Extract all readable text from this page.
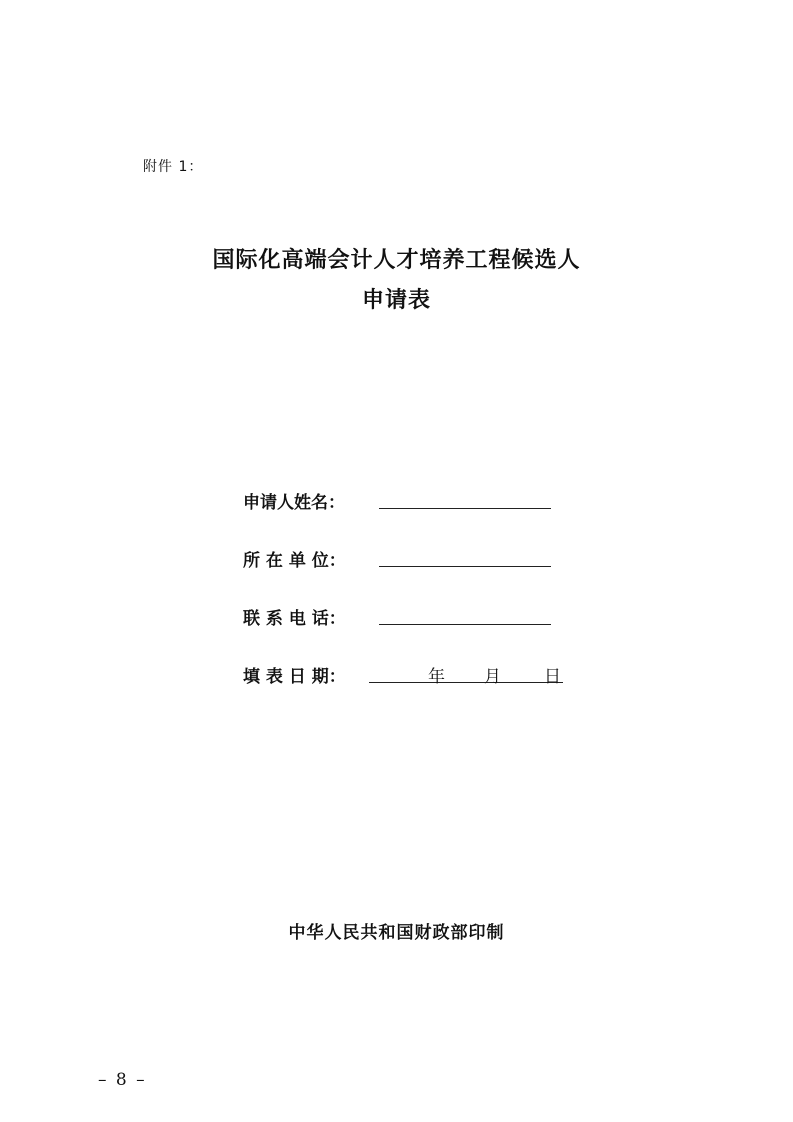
附件 1：
国际化高端会计人才培养工程候选人
申请表
申请人姓名：
所 在 单 位：
联 系 电 话：
填 表 日 期：	年 月	日
中华人民共和国财政部印制
– 8 –
